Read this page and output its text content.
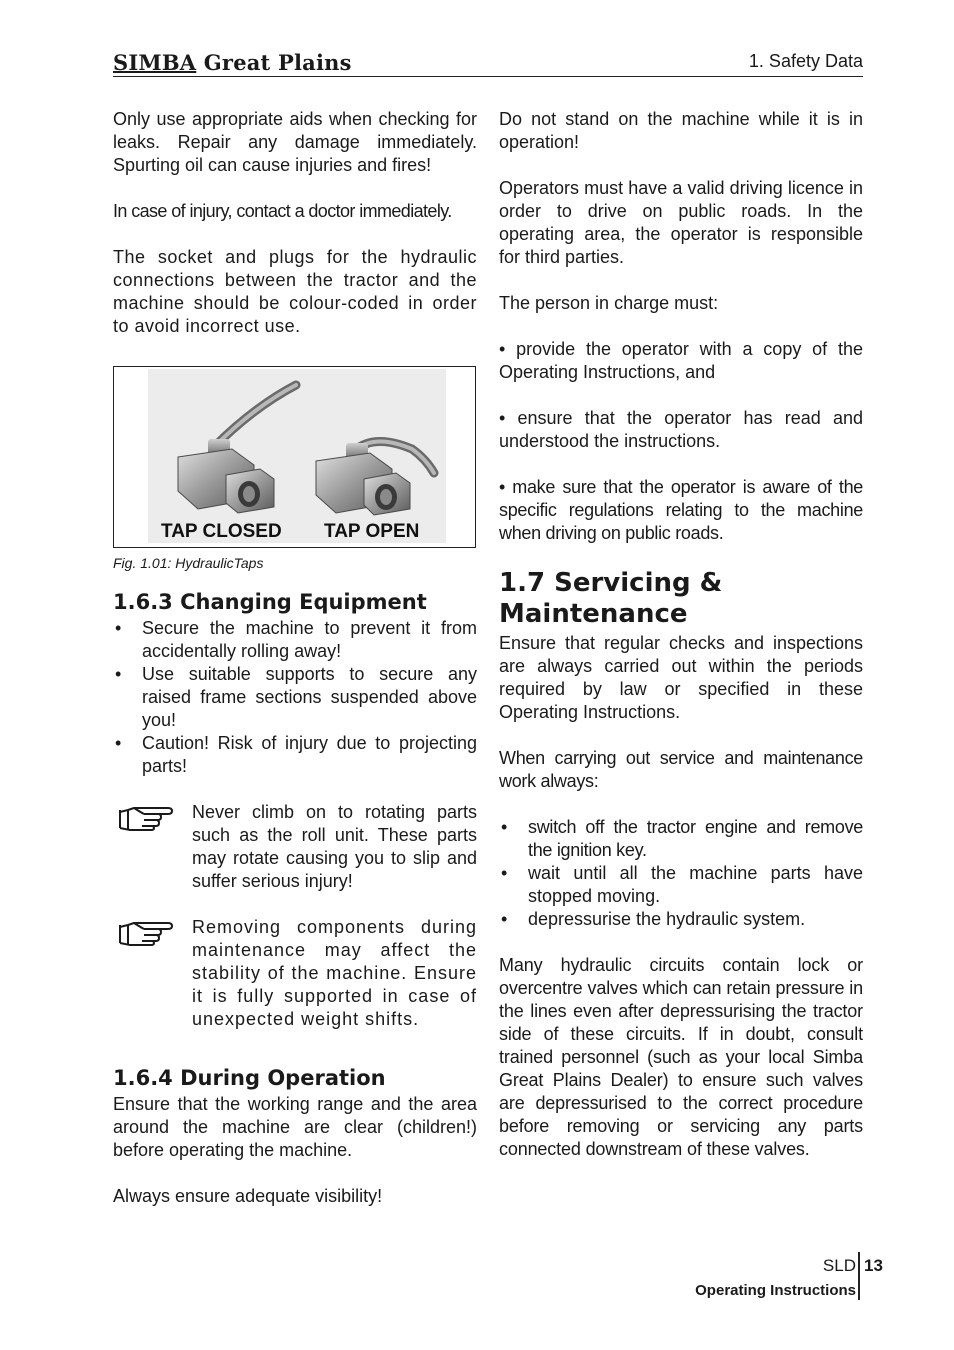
SIMBA Great Plains	1. Safety Data

Only use appropriate aids when checking for leaks. Repair any damage immediately. Spurting oil can cause injuries and fires!

In case of injury, contact a doctor immediately.

The socket and plugs for the hydraulic connections between the tractor and the machine should be colour-coded in order to avoid incorrect use.

TAP CLOSED TAP OPEN
Fig. 1.01: HydraulicTaps
1.6.3 Changing Equipment
• Secure the machine to prevent it from accidentally rolling away!
• Use suitable supports to secure any raised frame sections suspended above you!
• Caution! Risk of injury due to projecting parts!
Never climb on to rotating parts such as the roll unit. These parts may rotate causing you to slip and suffer serious injury!
Removing components during maintenance may affect the stability of the machine. Ensure it is fully supported in case of unexpected weight shifts.
1.6.4 During Operation

Ensure that the working range and the area around the machine are clear (children!) before operating the machine.

Always ensure adequate visibility!

Do not stand on the machine while it is in operation!

Operators must have a valid driving licence in order to drive on public roads. In the operating area, the operator is responsible for third parties.

The person in charge must:

• provide the operator with a copy of the Operating Instructions, and

• ensure that the operator has read and understood the instructions.

• make sure that the operator is aware of the specific regulations relating to the machine when driving on public roads.

1.7 Servicing &
Maintenance

Ensure that regular checks and inspections are always carried out within the periods required by law or specified in these Operating Instructions.

When carrying out service and maintenance work always:

• switch off the tractor engine and remove the ignition key.
• wait until all the machine parts have stopped moving.
• depressurise the hydraulic system.

Many hydraulic circuits contain lock or overcentre valves which can retain pressure in the lines even after depressurising the tractor side of these circuits. If in doubt, consult trained personnel (such as your local Simba Great Plains Dealer) to ensure such valves are depressurised to the correct procedure before removing or servicing any parts connected downstream of these valves.

SLD 13
Operating Instructions
